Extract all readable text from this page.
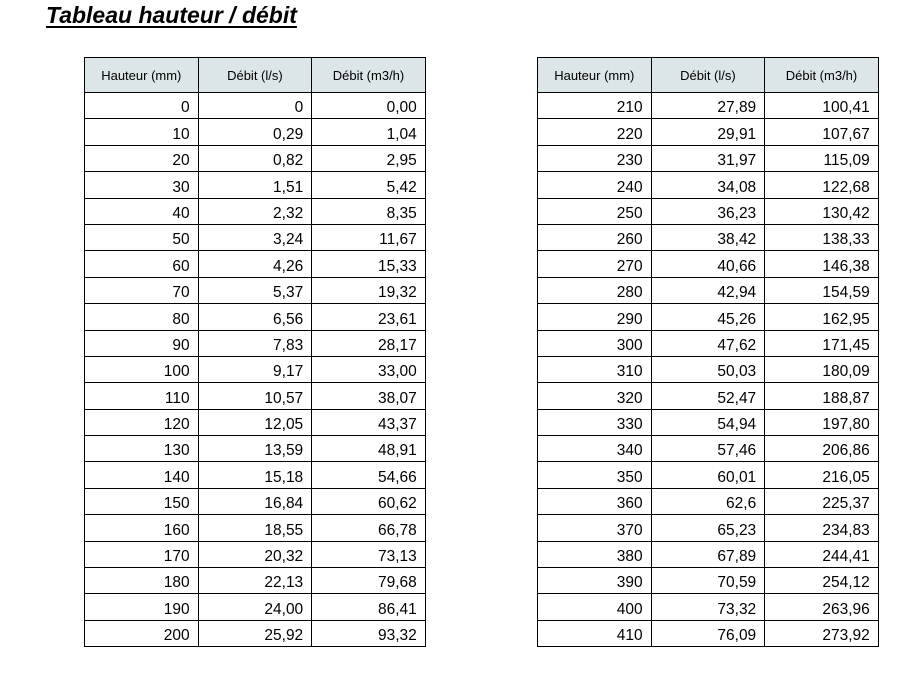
Tableau hauteur / débit
Hauteur (mm)	Débit (l/s)	Débit (m3/h)
0	0	0,00
10	0,29	1,04
20	0,82	2,95
30	1,51	5,42
40	2,32	8,35
50	3,24	11,67
60	4,26	15,33
70	5,37	19,32
80	6,56	23,61
90	7,83	28,17
100	9,17	33,00
110	10,57	38,07
120	12,05	43,37
130	13,59	48,91
140	15,18	54,66
150	16,84	60,62
160	18,55	66,78
170	20,32	73,13
180	22,13	79,68
190	24,00	86,41
200	25,92	93,32
Hauteur (mm)	Débit (l/s)	Débit (m3/h)
210	27,89	100,41
220	29,91	107,67
230	31,97	115,09
240	34,08	122,68
250	36,23	130,42
260	38,42	138,33
270	40,66	146,38
280	42,94	154,59
290	45,26	162,95
300	47,62	171,45
310	50,03	180,09
320	52,47	188,87
330	54,94	197,80
340	57,46	206,86
350	60,01	216,05
360	62,6	225,37
370	65,23	234,83
380	67,89	244,41
390	70,59	254,12
400	73,32	263,96
410	76,09	273,92
